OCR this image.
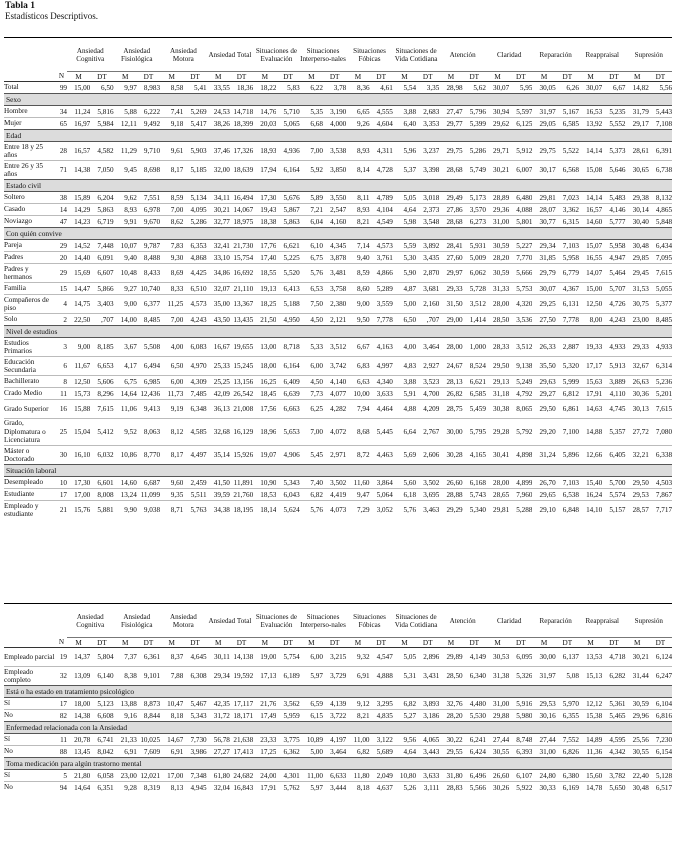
Tabla 1
Estadísticos Descriptivos.
		Ansiedad Cognitiva		Ansiedad Fisiológica		Ansiedad Motora		Ansiedad Total		Situaciones de Evaluación		Situaciones Interperso-nales		Situaciones Fóbicas		Situaciones de Vida Cotidiana		Atención		Claridad		Reparación		Reappraisal		Supresión	
	N	M	DT	M	DT	M	DT	M	DT	M	DT	M	DT	M	DT	M	DT	M	DT	M	DT	M	DT	M	DT	M	DT
Total	99	15,00	6,50	9,97	8,983	8,58	5,41	33,55	18,36	18,22	5,83	6,22	3,78	8,36	4,61	5,54	3,35	28,98	5,62	30,07	5,95	30,05	6,26	30,07	6,67	14,82	5,56
Sexo																											
Hombre	34	11,24	5,816	5,88	6,222	7,41	5,269	24,53	14,718	14,76	5,710	5,35	3,190	6,65	4,555	3,88	2,683	27,47	5,796	30,94	5,597	31,97	5,167	16,53	5,235	31,79	5,443
Mujer	65	16,97	5,984	12,11	9,492	9,18	5,417	38,26	18,399	20,03	5,065	6,68	4,000	9,26	4,604	6,40	3,353	29,77	5,399	29,62	6,125	29,05	6,585	13,92	5,552	29,17	7,108
Edad																											
Entre 18 y 25 años	28	16,57	4,582	11,29	9,710	9,61	5,903	37,46	17,326	18,93	4,936	7,00	3,538	8,93	4,311	5,96	3,237	29,75	5,286	29,71	5,912	29,75	5,522	14,14	5,373	28,61	6,391
Entre 26 y 35 años	71	14,38	7,050	9,45	8,698	8,17	5,185	32,00	18,639	17,94	6,164	5,92	3,850	8,14	4,728	5,37	3,398	28,68	5,749	30,21	6,007	30,17	6,568	15,08	5,646	30,65	6,738
Estado civil																											
Soltero	38	15,89	6,204	9,62	7,551	8,59	5,134	34,11	16,494	17,30	5,676	5,89	3,550	8,11	4,789	5,05	3,018	29,49	5,173	28,89	6,480	29,81	7,023	14,14	5,483	29,38	8,132
Casado	14	14,29	5,863	8,93	6,978	7,00	4,095	30,21	14,067	19,43	5,867	7,21	2,547	8,93	4,104	4,64	2,373	27,86	3,570	29,36	4,088	28,07	3,362	16,57	4,146	30,14	4,865
Noviazgo	47	14,23	6,719	9,91	9,670	8,62	5,286	32,77	18,975	18,38	5,863	6,04	4,160	8,21	4,549	5,98	3,548	28,68	6,273	31,00	5,801	30,77	6,315	14,60	5,777	30,40	5,848
Con quién convive																											
Pareja	29	14,52	7,448	10,07	9,787	7,83	6,353	32,41	21,730	17,76	6,621	6,10	4,345	7,14	4,573	5,59	3,892	28,41	5,931	30,59	5,227	29,34	7,103	15,07	5,958	30,48	6,434
Padres	20	14,40	6,091	9,40	8,488	9,30	4,868	33,10	15,754	17,40	5,225	6,75	3,878	9,40	3,761	5,30	3,435	27,60	5,009	28,20	7,770	31,85	5,958	16,55	4,947	29,85	7,095
Padres y hermanos	29	15,69	6,607	10,48	8,433	8,69	4,425	34,86	16,692	18,55	5,520	5,76	3,481	8,59	4,866	5,90	2,870	29,97	6,062	30,59	5,666	29,79	6,779	14,07	5,464	29,45	7,615
Familia	15	14,47	5,866	9,27	10,740	8,33	6,510	32,07	21,110	19,13	6,413	6,53	3,758	8,60	5,289	4,87	3,681	29,33	5,728	31,33	5,753	30,07	4,367	15,00	5,707	31,53	5,055
Compañeros de piso	4	14,75	3,403	9,00	6,377	11,25	4,573	35,00	13,367	18,25	5,188	7,50	2,380	9,00	3,559	5,00	2,160	31,50	3,512	28,00	4,320	29,25	6,131	12,50	4,726	30,75	5,377
Solo	2	22,50	,707	14,00	8,485	7,00	4,243	43,50	13,435	21,50	4,950	4,50	2,121	9,50	7,778	6,50	,707	29,00	1,414	28,50	3,536	27,50	7,778	8,00	4,243	23,00	8,485
Nivel de estudios																											
Estudios Primarios	3	9,00	8,185	3,67	5,508	4,00	6,083	16,67	19,655	13,00	8,718	5,33	3,512	6,67	4,163	4,00	3,464	28,00	1,000	28,33	3,512	26,33	2,887	19,33	4,933	29,33	4,933
Educación Secundaria	6	11,67	6,653	4,17	6,494	6,50	4,970	25,33	15,245	18,00	6,164	6,00	3,742	6,83	4,997	4,83	2,927	24,67	8,524	29,50	9,138	35,50	5,320	17,17	5,913	32,67	6,314
Bachillerato	8	12,50	5,606	6,75	6,985	6,00	4,309	25,25	13,156	16,25	6,409	4,50	4,140	6,63	4,340	3,88	3,523	28,13	6,621	29,13	5,249	29,63	5,999	15,63	3,889	26,63	5,236
Crado Medio	11	15,73	8,296	14,64	12,436	11,73	7,485	42,09	26,542	18,45	6,639	7,73	4,077	10,00	3,633	5,91	4,700	26,82	6,585	31,18	4,792	29,27	6,812	17,91	4,110	30,36	5,201
Grado Superior	16	15,88	7,615	11,06	9,413	9,19	6,348	36,13	21,008	17,56	6,663	6,25	4,282	7,94	4,464	4,88	4,209	28,75	5,459	30,38	8,065	29,50	6,861	14,63	4,745	30,13	7,615
Grado, Diplomatura o Licenciatura	25	15,04	5,412	9,52	8,063	8,12	4,585	32,68	16,129	18,96	5,653	7,00	4,072	8,68	5,445	6,64	2,767	30,00	5,795	29,28	5,792	29,20	7,100	14,88	5,357	27,72	7,080
Máster o Doctorado	30	16,10	6,032	10,86	8,770	8,17	4,497	35,14	15,926	19,07	4,906	5,45	2,971	8,72	4,463	5,69	2,606	30,28	4,165	30,41	4,898	31,24	5,896	12,66	6,405	32,21	6,338
Situación laboral																											
Desempleado	10	17,30	6,601	14,60	6,687	9,60	2,459	41,50	11,891	10,90	5,343	7,40	3,502	11,60	3,864	5,60	3,502	26,60	6,168	28,00	4,899	26,70	7,103	15,40	5,700	29,50	4,503
Estudiante	17	17,00	8,008	13,24	11,099	9,35	5,511	39,59	21,760	18,53	6,043	6,82	4,419	9,47	5,064	6,18	3,695	28,88	5,743	28,65	7,960	29,65	6,538	16,24	5,574	29,53	7,867
Empleado y estudiante	21	15,76	5,881	9,90	9,038	8,71	5,763	34,38	18,195	18,14	5,624	5,76	4,073	7,29	3,052	5,76	3,463	29,29	5,340	29,81	5,288	29,10	6,848	14,10	5,157	28,57	7,717
		Ansiedad Cognitiva		Ansiedad Fisiológica		Ansiedad Motora		Ansiedad Total		Situaciones de Evaluación		Situaciones Interperso-nales		Situaciones Fóbicas		Situaciones de Vida Cotidiana		Atención		Claridad		Reparación		Reappraisal		Supresión	
	N	M	DT	M	DT	M	DT	M	DT	M	DT	M	DT	M	DT	M	DT	M	DT	M	DT	M	DT	M	DT	M	DT
Empleado parcial	19	14,37	5,804	7,37	6,361	8,37	4,645	30,11	14,138	19,00	5,754	6,00	3,215	9,32	4,547	5,05	2,896	29,89	4,149	30,53	6,095	30,00	6,137	13,53	4,718	30,21	6,124
Empleado completo	32	13,09	6,140	8,38	9,101	7,88	6,308	29,34	19,592	17,13	6,189	5,97	3,729	6,91	4,888	5,31	3,431	28,50	6,340	31,38	5,326	31,97	5,08	15,13	6,282	31,44	6,247
Está o ha estado en tratamiento psicológico																											
Sí	17	18,00	5,123	13,88	8,873	10,47	5,467	42,35	17,117	21,76	3,562	6,59	4,139	9,12	3,295	6,82	3,893	32,76	4,480	31,00	5,916	29,53	5,970	12,12	5,361	30,59	6,104
No	82	14,38	6,608	9,16	8,844	8,18	5,343	31,72	18,171	17,49	5,959	6,15	3,722	8,21	4,835	5,27	3,186	28,20	5,530	29,88	5,980	30,16	6,355	15,38	5,465	29,96	6,816
Enfermedad relacionada con la Ansiedad																											
Sí	11	20,78	6,741	21,33	10,025	14,67	7,730	56,78	21,638	23,33	3,775	10,89	4,197	11,00	3,122	9,56	4,065	30,22	6,241	27,44	8,748	27,44	7,552	14,89	4,595	25,56	7,230
No	88	13,45	8,042	6,91	7,609	6,91	3,986	27,27	17,413	17,25	6,362	5,00	3,464	6,82	5,689	4,64	3,443	29,55	6,424	30,55	6,393	31,00	6,826	11,36	4,342	30,55	6,154
Toma medicación para algún trastorno mental																											
Sí	5	21,80	6,058	23,00	12,021	17,00	7,348	61,80	24,682	24,00	4,301	11,00	6,633	11,80	2,049	10,80	3,633	31,80	6,496	26,60	6,107	24,80	6,380	15,60	3,782	22,40	5,128
No	94	14,64	6,351	9,28	8,319	8,13	4,945	32,04	16,843	17,91	5,762	5,97	3,444	8,18	4,637	5,26	3,111	28,83	5,566	30,26	5,922	30,33	6,169	14,78	5,650	30,48	6,517
